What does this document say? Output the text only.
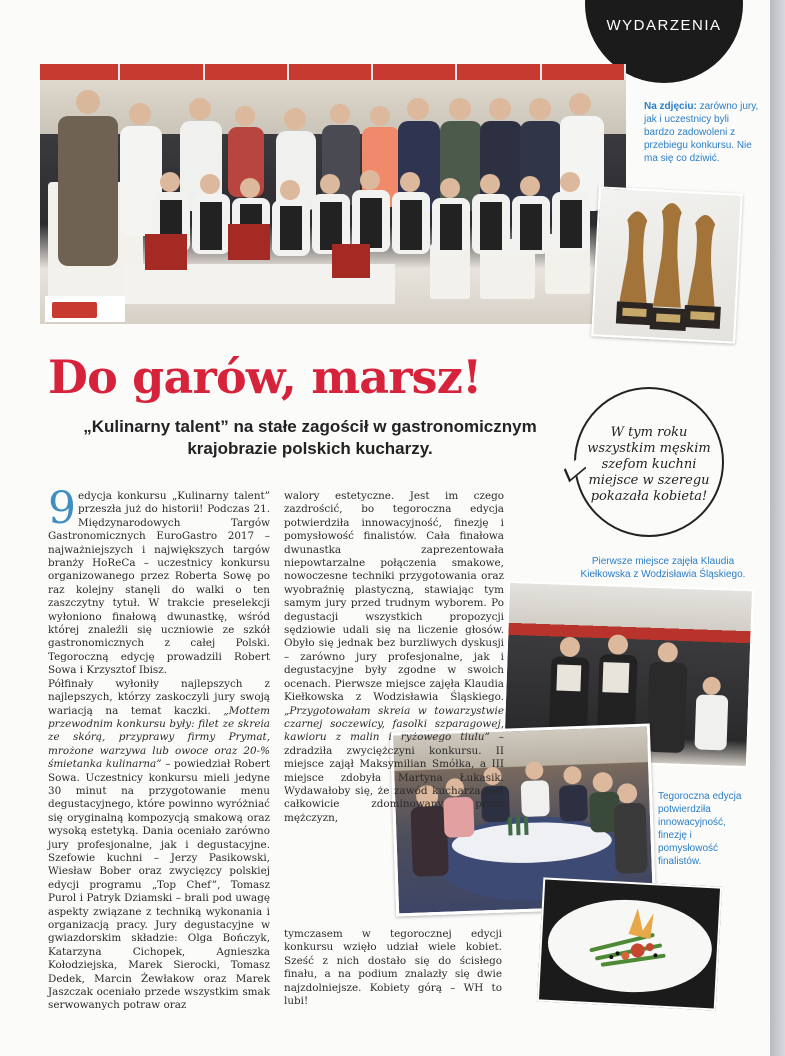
WYDARZENIA
Na zdjęciu: zarówno jury, jak i uczestnicy byli bardzo zadowoleni z przebiegu konkursu. Nie ma się co dziwić.
Do garów, marsz!
„Kulinarny talent” na stałe zagościł w gastronomicznym krajobrazie polskich kucharzy.

W tym roku wszystkim męskim szefom kuchni miejsce w szeregu pokazała kobieta!

Pierwsze miejsce zajęła Klaudia Kiełkowska z Wodzisławia Śląskiego.
Tegoroczna edycja potwierdziła innowacyjność, finezję i pomysłowość finalistów.

9 edycja konkursu „Kulinarny talent” przeszła już do historii! Podczas 21. Międzynarodowych Targów Gastronomicznych EuroGastro 2017 – najważniejszych i największych targów branży HoReCa – uczestnicy konkursu organizowanego przez Roberta Sowę po raz kolejny stanęli do walki o ten zaszczytny tytuł. W trakcie preselekcji wyłoniono finałową dwunastkę, wśród której znaleźli się uczniowie ze szkół gastronomicznych z całej Polski. Tegoroczną edycję prowadzili Robert Sowa i Krzysztof Ibisz.

Półfinały wyłoniły najlepszych z najlepszych, którzy zaskoczyli jury swoją wariacją na temat kaczki. „Mottem przewodnim konkursu były: filet ze skreia ze skórą, przyprawy firmy Prymat, mrożone warzywa lub owoce oraz 20-% śmietanka kulinarna” – powiedział Robert Sowa. Uczestnicy konkursu mieli jedyne 30 minut na przygotowanie menu degustacyjnego, które powinno wyróżniać się oryginalną kompozycją smakową oraz wysoką estetyką. Dania oceniało zarówno jury profesjonalne, jak i degustacyjne. Szefowie kuchni – Jerzy Pasikowski, Wiesław Bober oraz zwycięzcy polskiej edycji programu „Top Chef”, Tomasz Purol i Patryk Dziamski – brali pod uwagę aspekty związane z techniką wykonania i organizacją pracy. Jury degustacyjne w gwiazdorskim składzie: Olga Bończyk, Katarzyna Cichopek, Agnieszka Kołodziejska, Marek Sierocki, Tomasz Dedek, Marcin Żewłakow oraz Marek Jaszczak oceniało przede wszystkim smak serwowanych potraw oraz

walory estetyczne. Jest im czego zazdrościć, bo tegoroczna edycja potwierdziła innowacyjność, finezję i pomysłowość finalistów. Cała finałowa dwunastka zaprezentowała niepowtarzalne połączenia smakowe, nowoczesne techniki przygotowania oraz wyobraźnię plastyczną, stawiając tym samym jury przed trudnym wyborem. Po degustacji wszystkich propozycji sędziowie udali się na liczenie głosów. Obyło się jednak bez burzliwych dyskusji – zarówno jury profesjonalne, jak i degustacyjne były zgodne w swoich ocenach. Pierwsze miejsce zajęła Klaudia Kiełkowska z Wodzisławia Śląskiego. „Przygotowałam skreia w towarzystwie czarnej soczewicy, fasolki szparagowej, kawioru z malin i ryżowego tiulu” – zdradziła zwyciężczyni konkursu. II miejsce zajął Maksymilian Smółka, a III miejsce zdobyła Martyna Łukasik. Wydawałoby się, że zawód kucharza jest całkowicie zdominowany przez mężczyzn,

tymczasem w tegorocznej edycji konkursu wzięło udział wiele kobiet. Sześć z nich dostało się do ścisłego finału, a na podium znalazły się dwie najzdolniejsze. Kobiety górą – WH to lubi!
